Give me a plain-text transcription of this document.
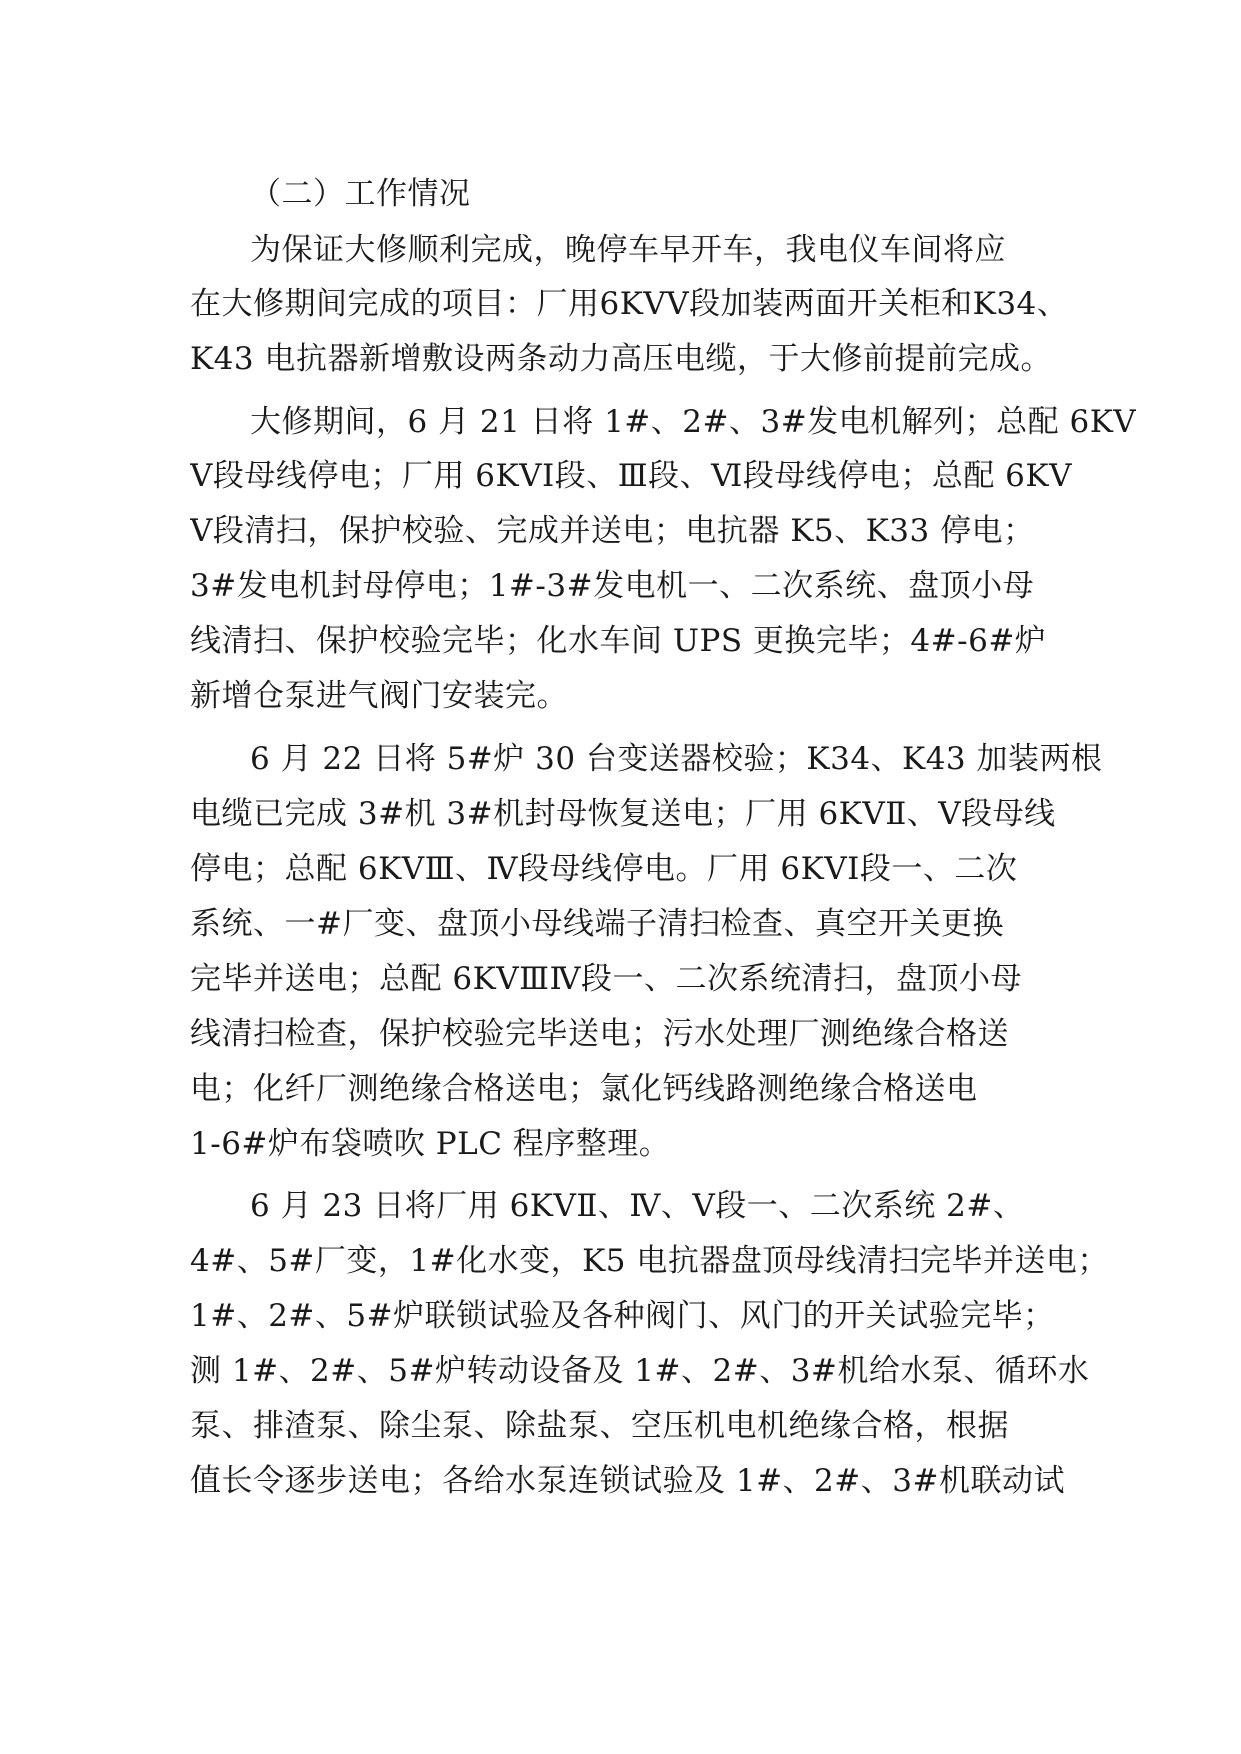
（二）工作情况
为保证大修顺利完成，晚停车早开车，我电仪车间将应
在大修期间完成的项目：厂用6KVⅤ段加装两面开关柜和K34、
K43 电抗器新增敷设两条动力高压电缆，于大修前提前完成。
大修期间，6 月 21 日将 1#、2#、3#发电机解列；总配 6KV
Ⅴ段母线停电；厂用 6KVⅠ段、Ⅲ段、Ⅵ段母线停电；总配 6KV
Ⅴ段清扫，保护校验、完成并送电；电抗器 K5、K33 停电；
3#发电机封母停电；1#-3#发电机一、二次系统、盘顶小母
线清扫、保护校验完毕；化水车间 UPS 更换完毕；4#-6#炉
新增仓泵进气阀门安装完。
6 月 22 日将 5#炉 30 台变送器校验；K34、K43 加装两根
电缆已完成 3#机 3#机封母恢复送电；厂用 6KVⅡ、Ⅴ段母线
停电；总配 6KVⅢ、Ⅳ段母线停电。厂用 6KVⅠ段一、二次
系统、一#厂变、盘顶小母线端子清扫检查、真空开关更换
完毕并送电；总配 6KVⅢⅣ段一、二次系统清扫，盘顶小母
线清扫检查，保护校验完毕送电；污水处理厂测绝缘合格送
电；化纤厂测绝缘合格送电；氯化钙线路测绝缘合格送电
1-6#炉布袋喷吹 PLC 程序整理。
6 月 23 日将厂用 6KVⅡ、Ⅳ、Ⅴ段一、二次系统 2#、
4#、5#厂变，1#化水变，K5 电抗器盘顶母线清扫完毕并送电；
1#、2#、5#炉联锁试验及各种阀门、风门的开关试验完毕；
测 1#、2#、5#炉转动设备及 1#、2#、3#机给水泵、循环水
泵、排渣泵、除尘泵、除盐泵、空压机电机绝缘合格，根据
值长令逐步送电；各给水泵连锁试验及 1#、2#、3#机联动试
